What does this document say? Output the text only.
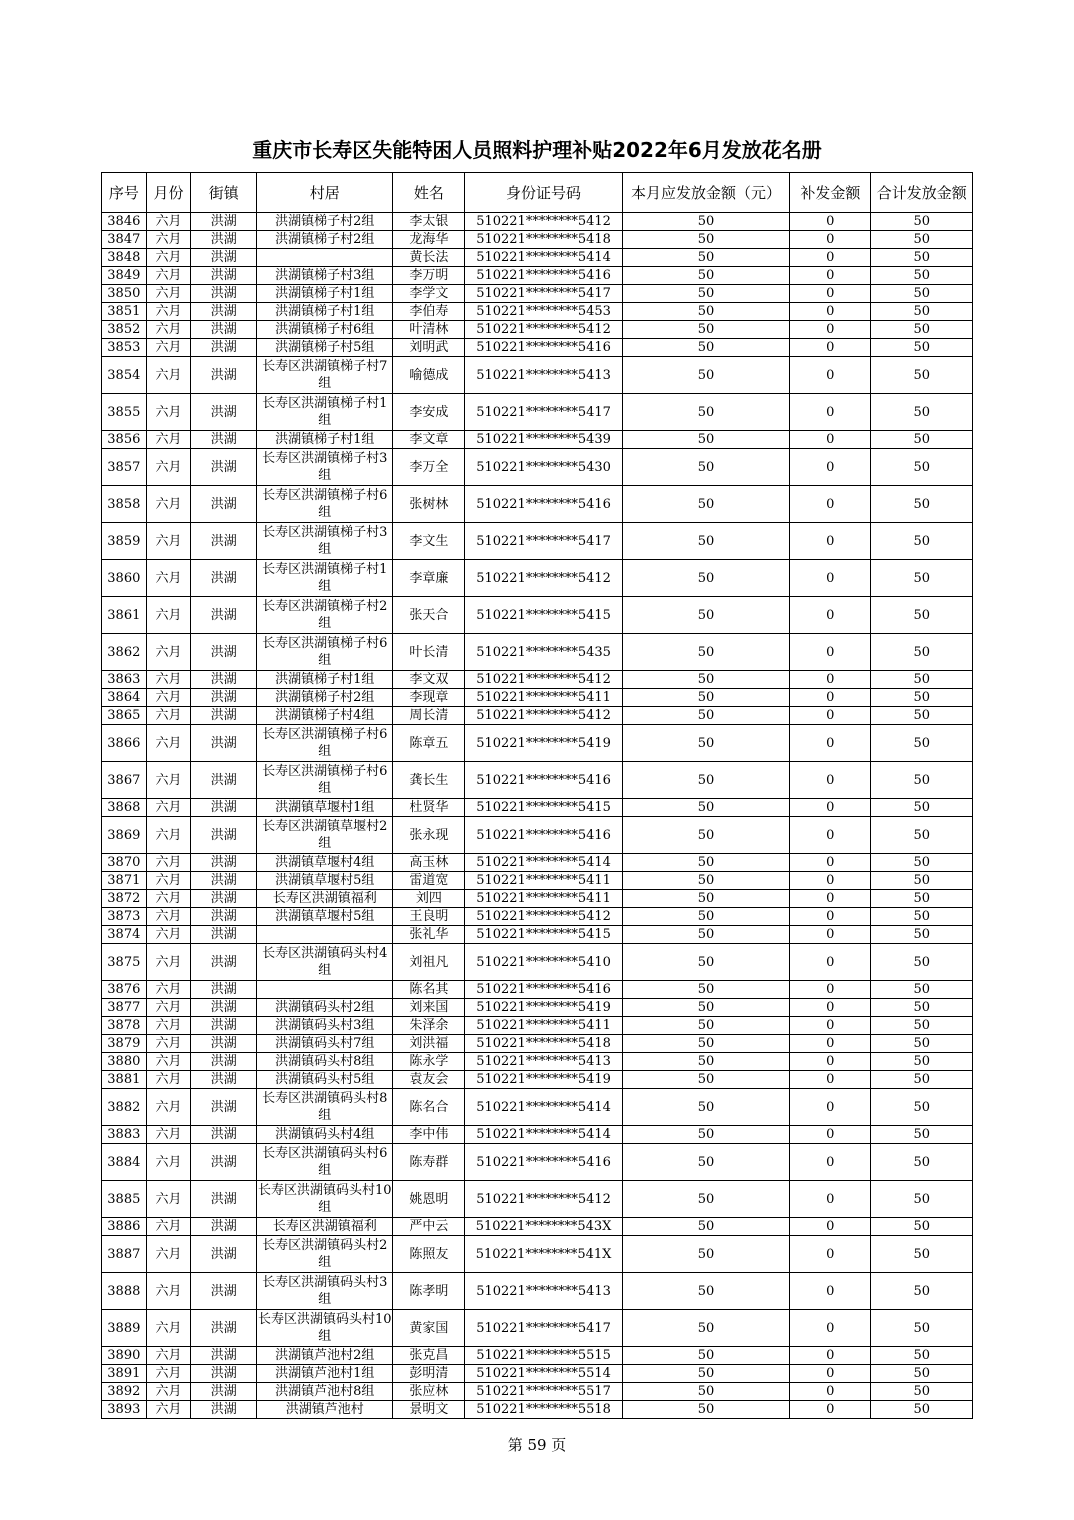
重庆市长寿区失能特困人员照料护理补贴2022年6月发放花名册
序号	月份	街镇	村居	姓名	身份证号码	本月应发放金额（元）	补发金额	合计发放金额
3846	六月	洪湖	洪湖镇梯子村2组	李太银	510221********5412	50	0	50
3847	六月	洪湖	洪湖镇梯子村2组	龙海华	510221********5418	50	0	50
3848	六月	洪湖		黄长法	510221********5414	50	0	50
3849	六月	洪湖	洪湖镇梯子村3组	李万明	510221********5416	50	0	50
3850	六月	洪湖	洪湖镇梯子村1组	李学文	510221********5417	50	0	50
3851	六月	洪湖	洪湖镇梯子村1组	李伯寿	510221********5453	50	0	50
3852	六月	洪湖	洪湖镇梯子村6组	叶清林	510221********5412	50	0	50
3853	六月	洪湖	洪湖镇梯子村5组	刘明武	510221********5416	50	0	50
3854	六月	洪湖	长寿区洪湖镇梯子村7组	喻德成	510221********5413	50	0	50
3855	六月	洪湖	长寿区洪湖镇梯子村1组	李安成	510221********5417	50	0	50
3856	六月	洪湖	洪湖镇梯子村1组	李文章	510221********5439	50	0	50
3857	六月	洪湖	长寿区洪湖镇梯子村3组	李万全	510221********5430	50	0	50
3858	六月	洪湖	长寿区洪湖镇梯子村6组	张树林	510221********5416	50	0	50
3859	六月	洪湖	长寿区洪湖镇梯子村3组	李文生	510221********5417	50	0	50
3860	六月	洪湖	长寿区洪湖镇梯子村1组	李章廉	510221********5412	50	0	50
3861	六月	洪湖	长寿区洪湖镇梯子村2组	张天合	510221********5415	50	0	50
3862	六月	洪湖	长寿区洪湖镇梯子村6组	叶长清	510221********5435	50	0	50
3863	六月	洪湖	洪湖镇梯子村1组	李文双	510221********5412	50	0	50
3864	六月	洪湖	洪湖镇梯子村2组	李现章	510221********5411	50	0	50
3865	六月	洪湖	洪湖镇梯子村4组	周长清	510221********5412	50	0	50
3866	六月	洪湖	长寿区洪湖镇梯子村6组	陈章五	510221********5419	50	0	50
3867	六月	洪湖	长寿区洪湖镇梯子村6组	龚长生	510221********5416	50	0	50
3868	六月	洪湖	洪湖镇草堰村1组	杜贤华	510221********5415	50	0	50
3869	六月	洪湖	长寿区洪湖镇草堰村2组	张永现	510221********5416	50	0	50
3870	六月	洪湖	洪湖镇草堰村4组	高玉林	510221********5414	50	0	50
3871	六月	洪湖	洪湖镇草堰村5组	雷道宽	510221********5411	50	0	50
3872	六月	洪湖	长寿区洪湖镇福利	刘四	510221********5411	50	0	50
3873	六月	洪湖	洪湖镇草堰村5组	王良明	510221********5412	50	0	50
3874	六月	洪湖		张礼华	510221********5415	50	0	50
3875	六月	洪湖	长寿区洪湖镇码头村4组	刘祖凡	510221********5410	50	0	50
3876	六月	洪湖		陈名其	510221********5416	50	0	50
3877	六月	洪湖	洪湖镇码头村2组	刘来国	510221********5419	50	0	50
3878	六月	洪湖	洪湖镇码头村3组	朱泽余	510221********5411	50	0	50
3879	六月	洪湖	洪湖镇码头村7组	刘洪福	510221********5418	50	0	50
3880	六月	洪湖	洪湖镇码头村8组	陈永学	510221********5413	50	0	50
3881	六月	洪湖	洪湖镇码头村5组	袁友会	510221********5419	50	0	50
3882	六月	洪湖	长寿区洪湖镇码头村8组	陈名合	510221********5414	50	0	50
3883	六月	洪湖	洪湖镇码头村4组	李中伟	510221********5414	50	0	50
3884	六月	洪湖	长寿区洪湖镇码头村6组	陈寿群	510221********5416	50	0	50
3885	六月	洪湖	长寿区洪湖镇码头村10组	姚恩明	510221********5412	50	0	50
3886	六月	洪湖	长寿区洪湖镇福利	严中云	510221********543X	50	0	50
3887	六月	洪湖	长寿区洪湖镇码头村2组	陈照友	510221********541X	50	0	50
3888	六月	洪湖	长寿区洪湖镇码头村3组	陈孝明	510221********5413	50	0	50
3889	六月	洪湖	长寿区洪湖镇码头村10组	黄家国	510221********5417	50	0	50
3890	六月	洪湖	洪湖镇芦池村2组	张克昌	510221********5515	50	0	50
3891	六月	洪湖	洪湖镇芦池村1组	彭明清	510221********5514	50	0	50
3892	六月	洪湖	洪湖镇芦池村8组	张应林	510221********5517	50	0	50
3893	六月	洪湖	洪湖镇芦池村	景明文	510221********5518	50	0	50
第 59 页
